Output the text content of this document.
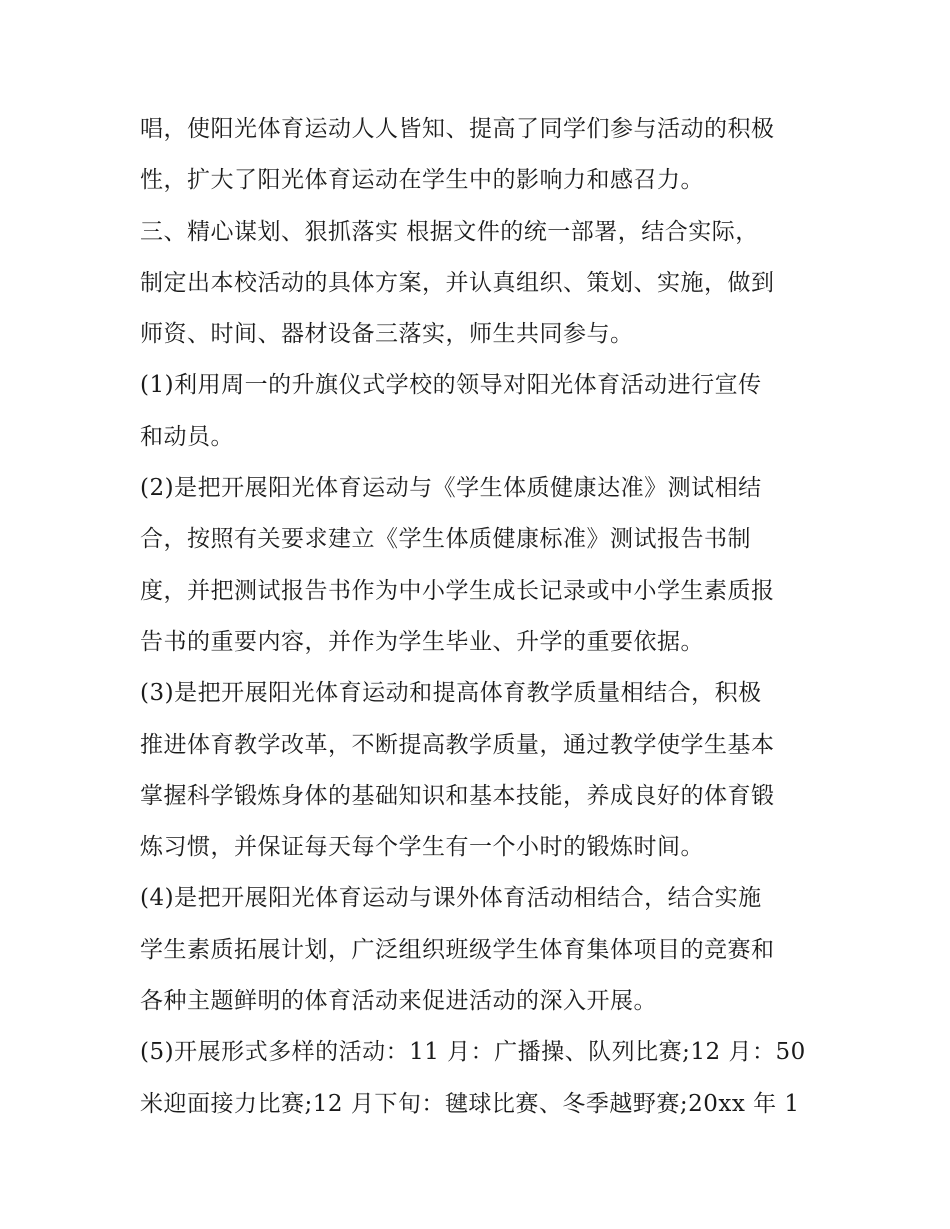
唱，使阳光体育运动人人皆知、提高了同学们参与活动的积极
性，扩大了阳光体育运动在学生中的影响力和感召力。
三、精心谋划、狠抓落实 根据文件的统一部署，结合实际，
制定出本校活动的具体方案，并认真组织、策划、实施，做到
师资、时间、器材设备三落实，师生共同参与。
(1)利用周一的升旗仪式学校的领导对阳光体育活动进行宣传
和动员。
(2)是把开展阳光体育运动与《学生体质健康达准》测试相结
合，按照有关要求建立《学生体质健康标准》测试报告书制
度，并把测试报告书作为中小学生成长记录或中小学生素质报
告书的重要内容，并作为学生毕业、升学的重要依据。
(3)是把开展阳光体育运动和提高体育教学质量相结合，积极
推进体育教学改革，不断提高教学质量，通过教学使学生基本
掌握科学锻炼身体的基础知识和基本技能，养成良好的体育锻
炼习惯，并保证每天每个学生有一个小时的锻炼时间。
(4)是把开展阳光体育运动与课外体育活动相结合，结合实施
学生素质拓展计划，广泛组织班级学生体育集体项目的竞赛和
各种主题鲜明的体育活动来促进活动的深入开展。
(5)开展形式多样的活动：11 月：广播操、队列比赛;12 月：50
米迎面接力比赛;12 月下旬：毽球比赛、冬季越野赛;20xx 年 1
